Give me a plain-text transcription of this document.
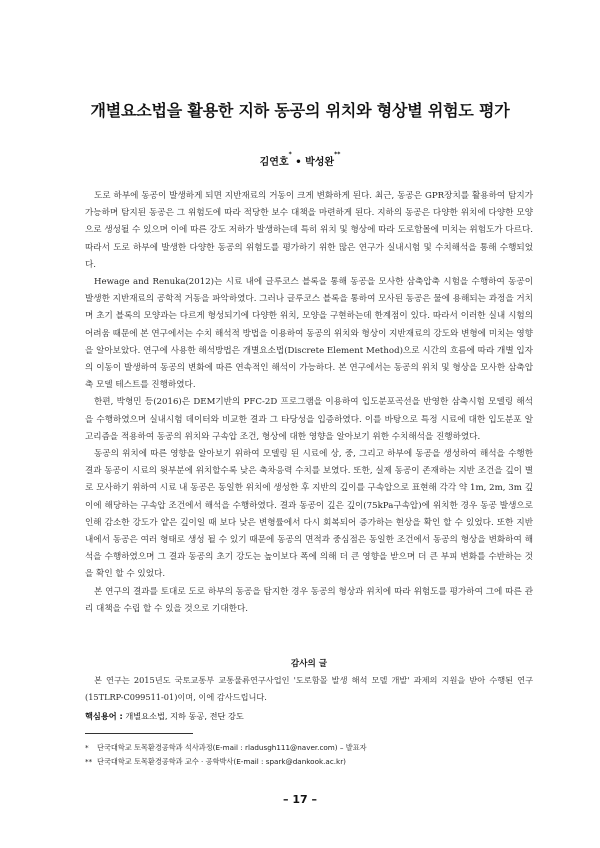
개별요소법을 활용한 지하 동공의 위치와 형상별 위험도 평가
김연호* • 박성완**

도로 하부에 동공이 발생하게 되면 지반재료의 거동이 크게 변화하게 된다. 최근, 동공은 GPR장치를 활용하여 탐지가 가능하며 탐지된 동공은 그 위험도에 따라 적당한 보수 대책을 마련하게 된다. 지하의 동공은 다양한 위치에 다양한 모양으로 생성될 수 있으며 이에 따른 강도 저하가 발생하는데 특히 위치 및 형상에 따라 도로함몰에 미치는 위험도가 다르다. 따라서 도로 하부에 발생한 다양한 동공의 위험도를 평가하기 위한 많은 연구가 실내시험 및 수치해석을 통해 수행되었다.

Hewage and Renuka(2012)는 시료 내에 글루코스 블록을 통해 동공을 모사한 삼축압축 시험을 수행하여 동공이 발생한 지반재료의 공학적 거동을 파악하였다. 그러나 글루코스 블록을 통하여 모사된 동공은 물에 용해되는 과정을 거치며 초기 블록의 모양과는 다르게 형성되기에 다양한 위치, 모양을 구현하는데 한계점이 있다. 따라서 이러한 실내 시험의 어려움 때문에 본 연구에서는 수치 해석적 방법을 이용하여 동공의 위치와 형상이 지반재료의 강도와 변형에 미치는 영향을 알아보았다. 연구에 사용한 해석방법은 개별요소법(Discrete Element Method)으로 시간의 흐름에 따라 개별 입자의 이동이 발생하여 동공의 변화에 따른 연속적인 해석이 가능하다. 본 연구에서는 동공의 위치 및 형상을 모사한 삼축압축 모델 테스트를 진행하였다.

한편, 박형민 등(2016)은 DEM기반의 PFC-2D 프로그램을 이용하여 입도분포곡선을 반영한 삼축시험 모델링 해석을 수행하였으며 실내시험 데이터와 비교한 결과 그 타당성을 입증하였다. 이를 바탕으로 특정 시료에 대한 입도분포 알고리즘을 적용하여 동공의 위치와 구속압 조건, 형상에 대한 영향을 알아보기 위한 수치해석을 진행하였다.

동공의 위치에 따른 영향을 알아보기 위하여 모델링 된 시료에 상, 중, 그리고 하부에 동공을 생성하여 해석을 수행한 결과 동공이 시료의 윗부분에 위치할수록 낮은 축차응력 수치를 보였다. 또한, 실제 동공이 존재하는 지반 조건을 깊이 별로 모사하기 위하여 시료 내 동공은 동일한 위치에 생성한 후 지반의 깊이를 구속압으로 표현해 각각 약 1m, 2m, 3m 깊이에 해당하는 구속압 조건에서 해석을 수행하였다. 결과 동공이 깊은 깊이(75kPa구속압)에 위치한 경우 동공 발생으로 인해 감소한 강도가 얕은 깊이일 때 보다 낮은 변형률에서 다시 회복되어 증가하는 현상을 확인 할 수 있었다. 또한 지반 내에서 동공은 여러 형태로 생성 될 수 있기 때문에 동공의 면적과 중심점은 동일한 조건에서 동공의 형상을 변화하여 해석을 수행하였으며 그 결과 동공의 초기 강도는 높이보다 폭에 의해 더 큰 영향을 받으며 더 큰 부피 변화를 수반하는 것을 확인 할 수 있었다.

본 연구의 결과를 토대로 도로 하부의 동공을 탐지한 경우 동공의 형상과 위치에 따라 위험도를 평가하여 그에 따른 관리 대책을 수립 할 수 있을 것으로 기대한다.

감사의 글

본 연구는 2015년도 국토교통부 교통물류연구사업인 '도로함몰 발생 해석 모델 개발' 과제의 지원을 받아 수행된 연구(15TLRP-C099511-01)이며, 이에 감사드립니다.

핵심용어 : 개별요소법, 지하 동공, 전단 강도
* 단국대학교 토목환경공학과 석사과정(E-mail : rladusgh111@naver.com) – 발표자
** 단국대학교 토목환경공학과 교수 · 공학박사(E-mail : spark@dankook.ac.kr)
– 17 –
